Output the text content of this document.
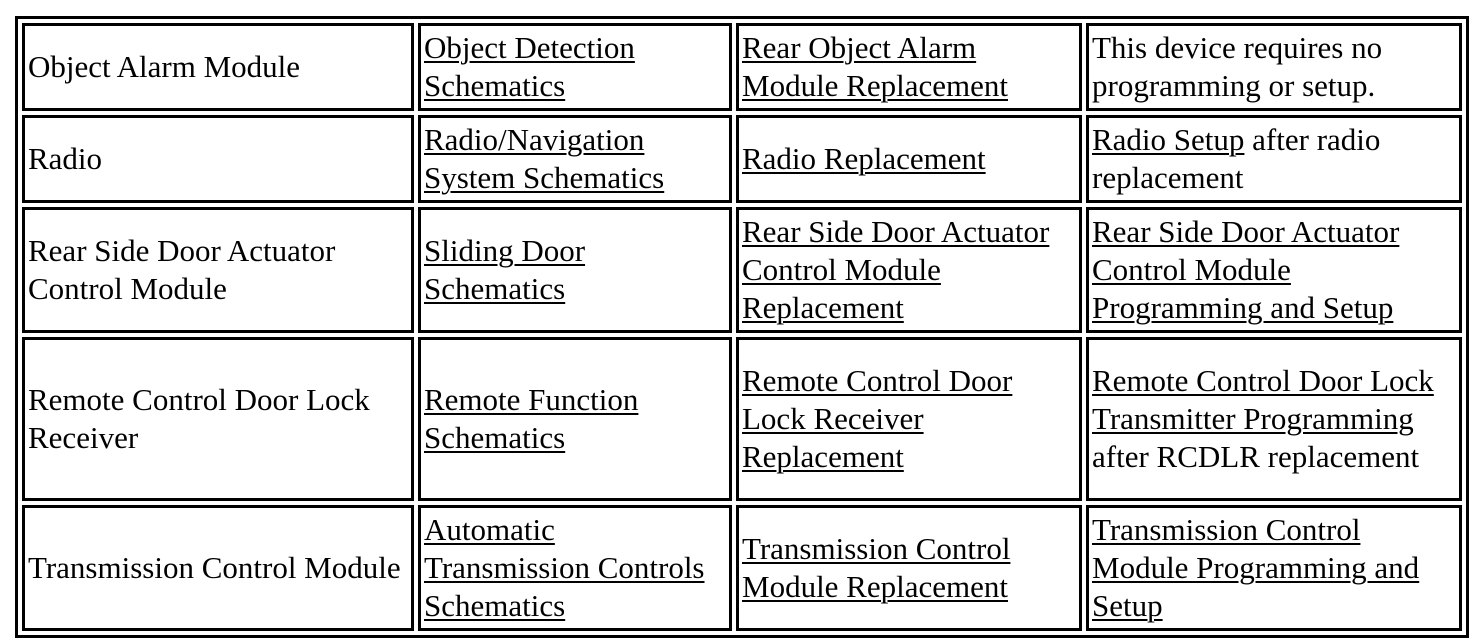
Object Alarm Module	Object Detection Schematics	Rear Object Alarm Module Replacement	This device requires no programming or setup.
Radio	Radio/Navigation System Schematics	Radio Replacement	Radio Setup after radio replacement
Rear Side Door Actuator Control Module	Sliding Door Schematics	Rear Side Door Actuator Control Module Replacement	Rear Side Door Actuator Control Module Programming and Setup
Remote Control Door Lock Receiver	Remote Function Schematics	Remote Control Door Lock Receiver Replacement	Remote Control Door Lock Transmitter Programming after RCDLR replacement
Transmission Control Module	Automatic Transmission Controls Schematics	Transmission Control Module Replacement	Transmission Control Module Programming and Setup
